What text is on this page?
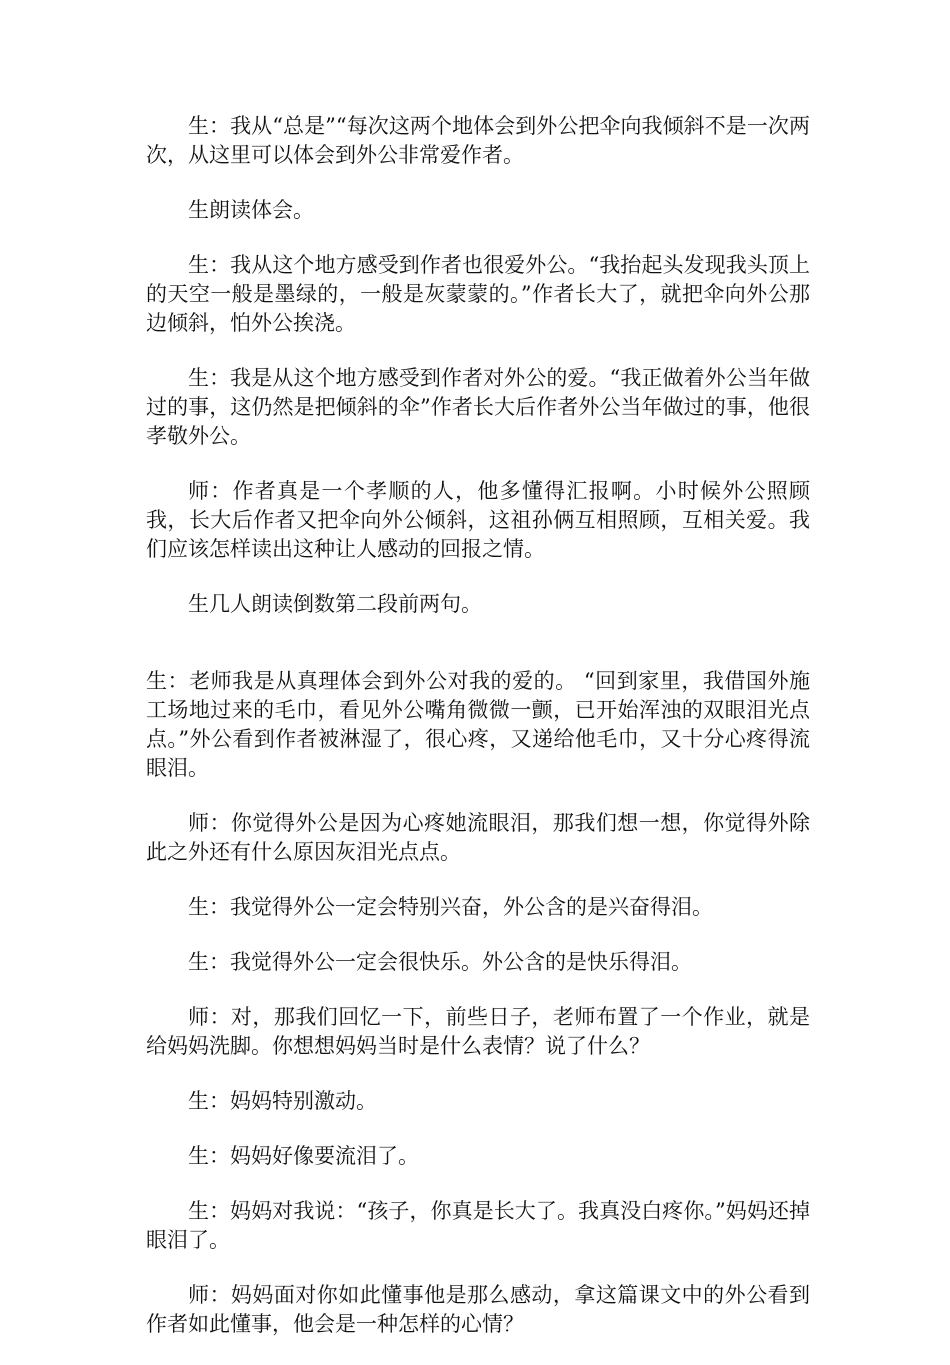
生：我从“总是”“每次这两个地体会到外公把伞向我倾斜不是一次两次，从这里可以体会到外公非常爱作者。

生朗读体会。

生：我从这个地方感受到作者也很爱外公。“我抬起头发现我头顶上的天空一般是墨绿的，一般是灰蒙蒙的。”作者长大了，就把伞向外公那边倾斜，怕外公挨浇。

生：我是从这个地方感受到作者对外公的爱。“我正做着外公当年做过的事，这仍然是把倾斜的伞”作者长大后作者外公当年做过的事，他很孝敬外公。

师：作者真是一个孝顺的人，他多懂得汇报啊。小时候外公照顾我，长大后作者又把伞向外公倾斜，这祖孙俩互相照顾，互相关爱。我们应该怎样读出这种让人感动的回报之情。

生几人朗读倒数第二段前两句。

生：老师我是从真理体会到外公对我的爱的。 “回到家里，我借国外施工场地过来的毛巾，看见外公嘴角微微一颤，已开始浑浊的双眼泪光点点。”外公看到作者被淋湿了，很心疼，又递给他毛巾，又十分心疼得流眼泪。

师：你觉得外公是因为心疼她流眼泪，那我们想一想，你觉得外除此之外还有什么原因灰泪光点点。

生：我觉得外公一定会特别兴奋，外公含的是兴奋得泪。

生：我觉得外公一定会很快乐。外公含的是快乐得泪。

师：对，那我们回忆一下，前些日子，老师布置了一个作业，就是给妈妈洗脚。你想想妈妈当时是什么表情？说了什么？

生：妈妈特别激动。

生：妈妈好像要流泪了。

生：妈妈对我说：“孩子，你真是长大了。我真没白疼你。”妈妈还掉眼泪了。

师：妈妈面对你如此懂事他是那么感动，拿这篇课文中的外公看到作者如此懂事，他会是一种怎样的心情？
